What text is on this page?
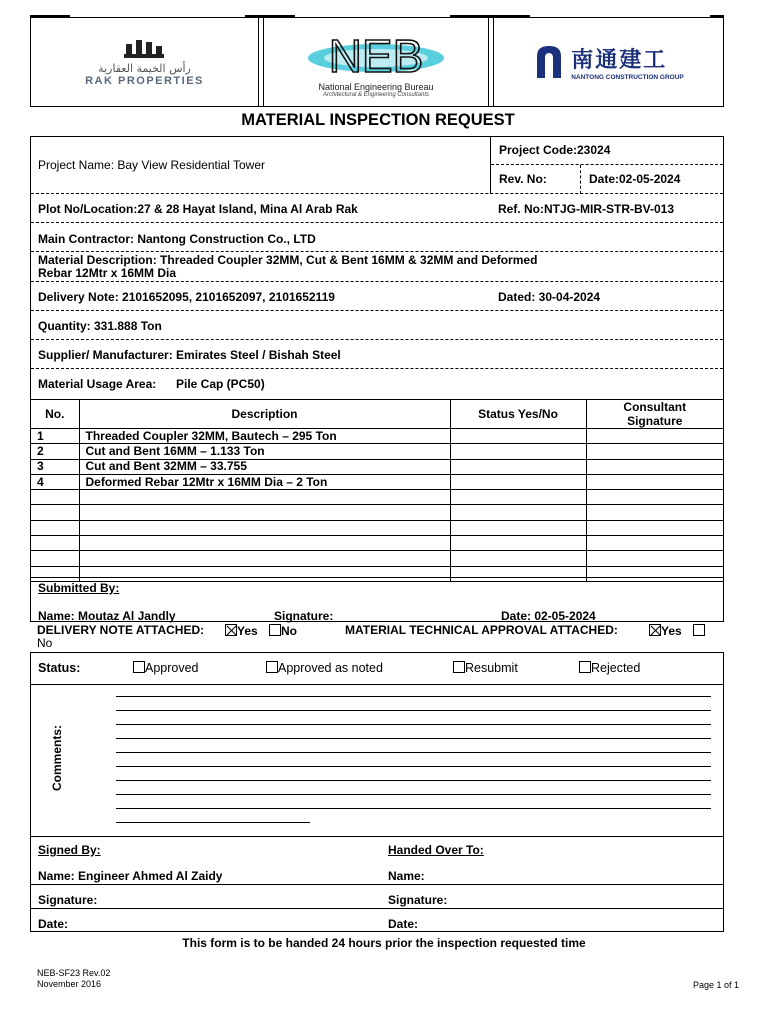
رأس الخيمة العقارية
RAK PROPERTIES	NEB
National Engineering Bureau
Architectural & Engineering Consultants
南通建工
NANTONG CONSTRUCTION GROUP
MATERIAL INSPECTION REQUEST
Project Name: Bay View Residential Tower
Project Code:23024
Rev. No:	Date:02-05-2024
Plot No/Location:27 & 28 Hayat Island, Mina Al Arab Rak	Ref. No:NTJG-MIR-STR-BV-013
Main Contractor: Nantong Construction Co., LTD
Material Description: Threaded Coupler 32MM, Cut & Bent 16MM & 32MM and Deformed
Rebar 12Mtr x 16MM Dia
Delivery Note: 2101652095, 2101652097, 2101652119	Dated: 30-04-2024
Quantity: 331.888 Ton
Supplier/ Manufacturer: Emirates Steel / Bishah Steel
Material Usage Area: Pile Cap (PC50)
No.	Description	Status Yes/No	Consultant Signature
1	Threaded Coupler 32MM, Bautech – 295 Ton		
2	Cut and Bent 16MM – 1.133 Ton		
3	Cut and Bent 32MM – 33.755		
4	Deformed Rebar 12Mtr x 16MM Dia – 2 Ton		

Submitted By:
Name: Moutaz Al Jandly	Signature:	Date: 02-05-2024
DELIVERY NOTE ATTACHED:	Yes	No	MATERIAL TECHNICAL APPROVAL ATTACHED:	Yes
No
Status:	Approved	Approved as noted	Resubmit	Rejected
Comments:
Signed By:	Handed Over To:
Name: Engineer Ahmed Al Zaidy	Name:
Signature:	Signature:
Date:	Date:
This form is to be handed 24 hours prior the inspection requested time
NEB-SF23 Rev.02
November 2016	Page 1 of 1
